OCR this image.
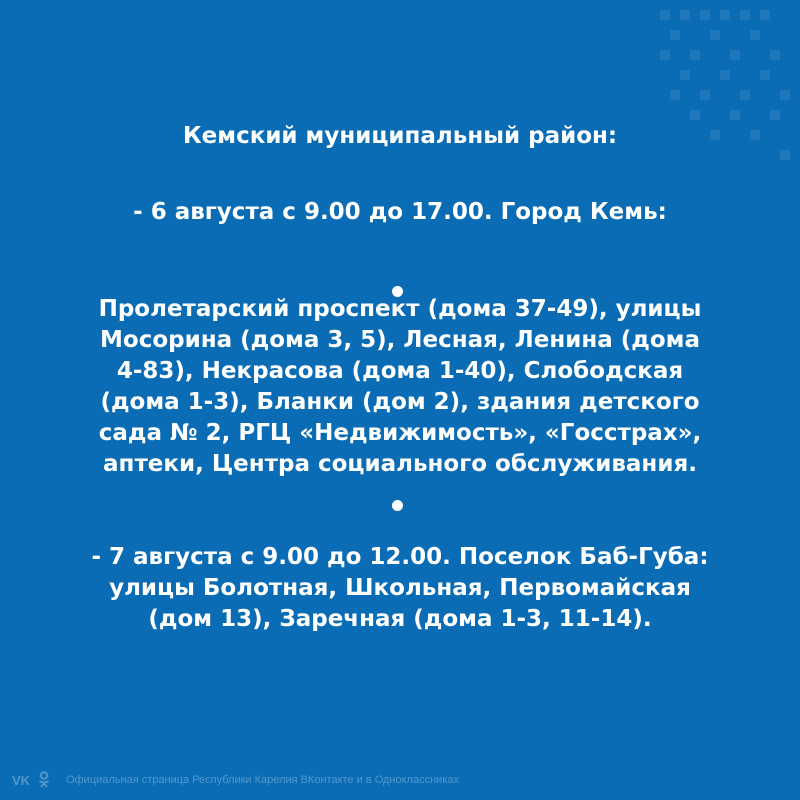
Кемский муниципальный район:
- 6 августа с 9.00 до 17.00. Город Кемь:
Пролетарский проспект (дома 37-49), улицы
Мосорина (дома 3, 5), Лесная, Ленина (дома
4-83), Некрасова (дома 1-40), Слободская
(дома 1-3), Бланки (дом 2), здания детского
сада № 2, РГЦ «Недвижимость», «Госстрах»,
аптеки, Центра социального обслуживания.
- 7 августа с 9.00 до 12.00. Поселок Баб-Губа:
улицы Болотная, Школьная, Первомайская
(дом 13), Заречная (дома 1-3, 11-14).
VK	Официальная страница Республики Карелия ВКонтакте и в Одноклассниках
